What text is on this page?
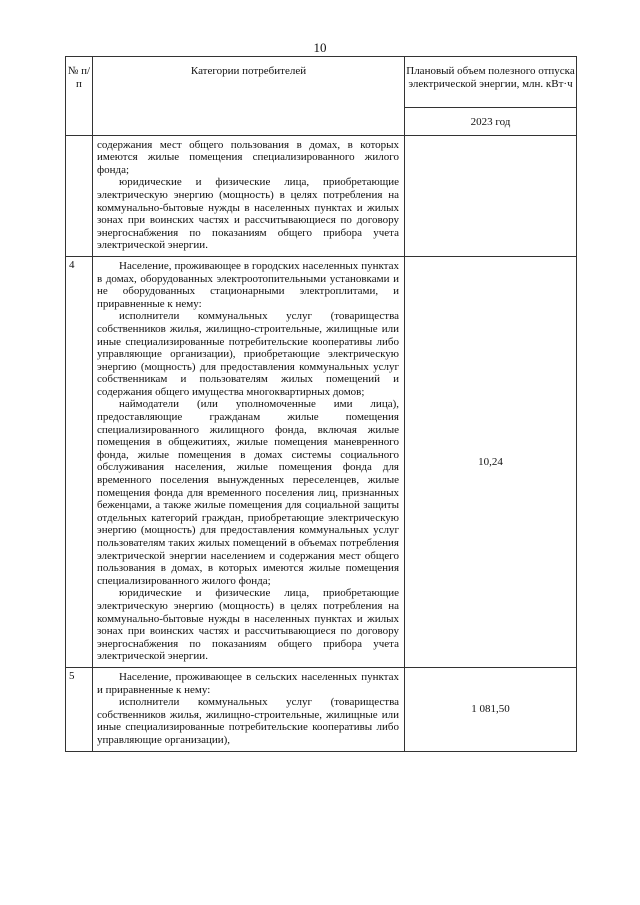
10
№ п/п	Категории потребителей	Плановый объем полезного отпуска электрической энергии, млн. кВт·ч
		2023 год

	содержания мест общего пользования в домах, в которых имеются жилые помещения специализированного жилого фонда;

юридические и физические лица, приобретающие электрическую энергию (мощность) в целях потребления на коммунально-бытовые нужды в населенных пунктах и жилых зонах при воинских частях и рассчитывающиеся по договору энергоснабжения по показаниям общего прибора учета электрической энергии.	

4	Население, проживающее в городских населенных пунктах в домах, оборудованных электроотопительными установками и не оборудованных стационарными электроплитами, и приравненные к нему:

исполнители коммунальных услуг (товарищества собственников жилья, жилищно-строительные, жилищные или иные специализированные потребительские кооперативы либо управляющие организации), приобретающие электрическую энергию (мощность) для предоставления коммунальных услуг собственникам и пользователям жилых помещений и содержания общего имущества многоквартирных домов;

наймодатели (или уполномоченные ими лица), предоставляющие гражданам жилые помещения специализированного жилищного фонда, включая жилые помещения в общежитиях, жилые помещения маневренного фонда, жилые помещения в домах системы социального обслуживания населения, жилые помещения фонда для временного поселения вынужденных переселенцев, жилые помещения фонда для временного поселения лиц, признанных беженцами, а также жилые помещения для социальной защиты отдельных категорий граждан, приобретающие электрическую энергию (мощность) для предоставления коммунальных услуг пользователям таких жилых помещений в объемах потребления электрической энергии населением и содержания мест общего пользования в домах, в которых имеются жилые помещения специализированного жилого фонда;

юридические и физические лица, приобретающие электрическую энергию (мощность) в целях потребления на коммунально-бытовые нужды в населенных пунктах и жилых зонах при воинских частях и рассчитывающиеся по договору энергоснабжения по показаниям общего прибора учета электрической энергии.	10,24
5	Население, проживающее в сельских населенных пунктах и приравненные к нему:

исполнители коммунальных услуг (товарищества собственников жилья, жилищно-строительные, жилищные или иные специализированные потребительские кооперативы либо управляющие организации),	1 081,50
